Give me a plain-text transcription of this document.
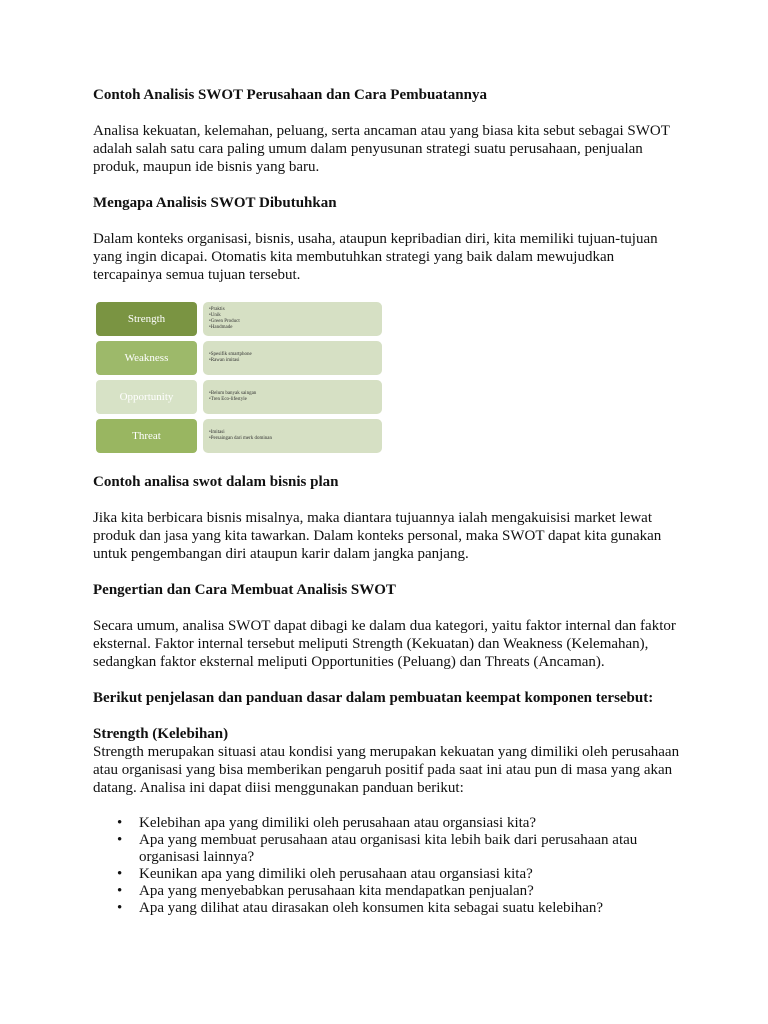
Contoh Analisis SWOT Perusahaan dan Cara Pembuatannya

Analisa kekuatan, kelemahan, peluang, serta ancaman atau yang biasa kita sebut sebagai SWOT adalah salah satu cara paling umum dalam penyusunan strategi suatu perusahaan, penjualan produk, maupun ide bisnis yang baru.

Mengapa Analisis SWOT Dibutuhkan

Dalam konteks organisasi, bisnis, usaha, ataupun kepribadian diri, kita memiliki tujuan-tujuan yang ingin dicapai. Otomatis kita membutuhkan strategi yang baik dalam mewujudkan tercapainya semua tujuan tersebut.

Strength
•Praktis
•Unik
•Green Product
•Handmade
Weakness	•Spesifik smartphone
•Rawan imitasi
Opportunity	•Belum banyak saingan
•Tren Eco-lifestyle
Threat	•Imitasi
•Persaingan dari merk dominan
Contoh analisa swot dalam bisnis plan

Jika kita berbicara bisnis misalnya, maka diantara tujuannya ialah mengakuisisi market lewat produk dan jasa yang kita tawarkan. Dalam konteks personal, maka SWOT dapat kita gunakan untuk pengembangan diri ataupun karir dalam jangka panjang.

Pengertian dan Cara Membuat Analisis SWOT

Secara umum, analisa SWOT dapat dibagi ke dalam dua kategori, yaitu faktor internal dan faktor eksternal. Faktor internal tersebut meliputi Strength (Kekuatan) dan Weakness (Kelemahan), sedangkan faktor eksternal meliputi Opportunities (Peluang) dan Threats (Ancaman).

Berikut penjelasan dan panduan dasar dalam pembuatan keempat komponen tersebut:
Strength (Kelebihan)

Strength merupakan situasi atau kondisi yang merupakan kekuatan yang dimiliki oleh perusahaan atau organisasi yang bisa memberikan pengaruh positif pada saat ini atau pun di masa yang akan datang. Analisa ini dapat diisi menggunakan panduan berikut:

• Kelebihan apa yang dimiliki oleh perusahaan atau organsiasi kita?
• Apa yang membuat perusahaan atau organisasi kita lebih baik dari perusahaan atau organisasi lainnya?
• Keunikan apa yang dimiliki oleh perusahaan atau organsiasi kita?
• Apa yang menyebabkan perusahaan kita mendapatkan penjualan?
• Apa yang dilihat atau dirasakan oleh konsumen kita sebagai suatu kelebihan?
